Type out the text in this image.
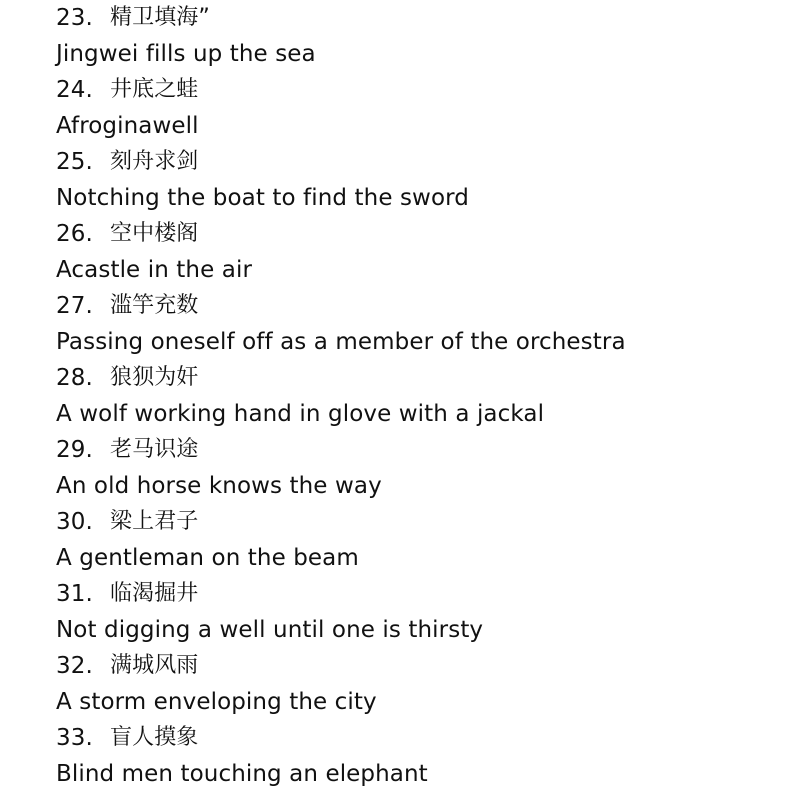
23. 精卫填海”
Jingwei fills up the sea
24. 井底之蛙
Afroginawell
25. 刻舟求剑
Notching the boat to find the sword
26. 空中楼阁
Acastle in the air
27. 滥竽充数
Passing oneself off as a member of the orchestra
28. 狼狈为奸
A wolf working hand in glove with a jackal
29. 老马识途
An old horse knows the way
30. 梁上君子
A gentleman on the beam
31. 临渴掘井
Not digging a well until one is thirsty
32. 满城风雨
A storm enveloping the city
33. 盲人摸象
Blind men touching an elephant
